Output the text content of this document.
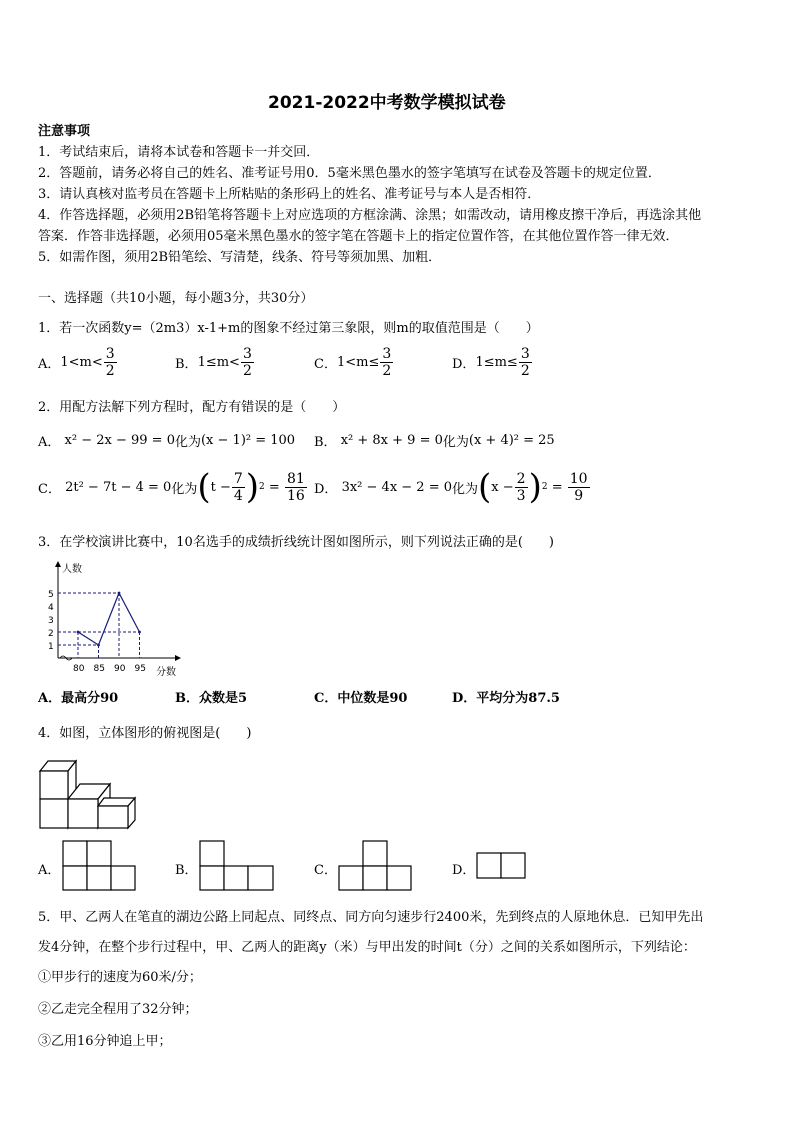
2021-2022中考数学模拟试卷
注意事项
1．考试结束后，请将本试卷和答题卡一并交回．
2．答题前，请务必将自己的姓名、准考证号用0．5毫米黑色墨水的签字笔填写在试卷及答题卡的规定位置．
3．请认真核对监考员在答题卡上所粘贴的条形码上的姓名、准考证号与本人是否相符．
4．作答选择题，必须用2B铅笔将答题卡上对应选项的方框涂满、涂黑；如需改动，请用橡皮擦干净后，再选涂其他
答案．作答非选择题，必须用05毫米黑色墨水的签字笔在答题卡上的指定位置作答，在其他位置作答一律无效．
5．如需作图，须用2B铅笔绘、写清楚，线条、符号等须加黑、加粗．
一、选择题（共10小题，每小题3分，共30分）
1．若一次函数y=（2m3）x-1+m的图象不经过第三象限，则m的取值范围是（　　）
A． $1<m< \frac{3}{2}$	B． $1\le m< \frac{3}{2}$	C． $1<m\le \frac{3}{2}$	D． $1\le m\le \frac{3}{2}$
2．用配方法解下列方程时，配方有错误的是（　　）
A．
x² − 2x − 99 = 0 化为 (x − 1)² = 100 B．
x² + 8x + 9 = 0 化为 (x + 4)² = 25
C．
2t² − 7t − 4 = 0 化为 ( $t - \frac{7}{4}$ ) $2 = \frac{81}{16}$ D．
3x² − 4x − 2 = 0 化为 ( $x - \frac{2}{3}$ ) $2 = \frac{10}{9}$
3．在学校演讲比赛中，10名选手的成绩折线统计图如图所示，则下列说法正确的是(　　)
人数
分数
1
2
3
4
5
80 85 90 95
A．最高分90	B．众数是5	C．中位数是90	D．平均分为87.5
4．如图，立体图形的俯视图是(　　)
A．	B．	C．	D．
5．甲、乙两人在笔直的湖边公路上同起点、同终点、同方向匀速步行2400米，先到终点的人原地休息．已知甲先出
发4分钟，在整个步行过程中，甲、乙两人的距离y（米）与甲出发的时间t（分）之间的关系如图所示，下列结论：
①甲步行的速度为60米/分；
②乙走完全程用了32分钟；
③乙用16分钟追上甲；
